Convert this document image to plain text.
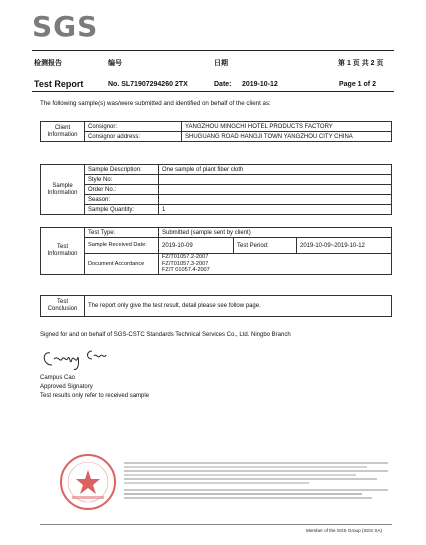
SGS
检测报告	编号	日期	第 1 页 共 2 页
Test Report	No. SL71907294260 2TX	Date: 2019-10-12	Page 1 of 2
The following sample(s) was/were submitted and identified on behalf of the client as:
Client Information	Consignor:	YANGZHOU MINGCHI HOTEL PRODUCTS FACTORY
	Consignor address:	SHUGUANG ROAD HANGJI TOWN YANGZHOU CITY CHINA
Sample Information	Sample Description:	One sample of plant fiber cloth
	Style No:	
	Order No.:	
	Season:	
	Sample Quantity:	1
Test Information	Test Type:	Submitted (sample sent by client)		
	Sample Received Date:	2019-10-09	Test Period:	2019-10-09~2019-10-12
	Document Accordance	FZ/T01057.2-2007
FZ/T01057.3-2007
FZ/T 01057.4-2007		
Test Conclusion	The report only give the test result, detail please see follow page.
Signed for and on behalf of SGS-CSTC Standards Technical Services Co., Ltd. Ningbo Branch
Campus Cao
Approved Signatory
Test results only refer to received sample
Member of the SGS Group (SGS SA)
